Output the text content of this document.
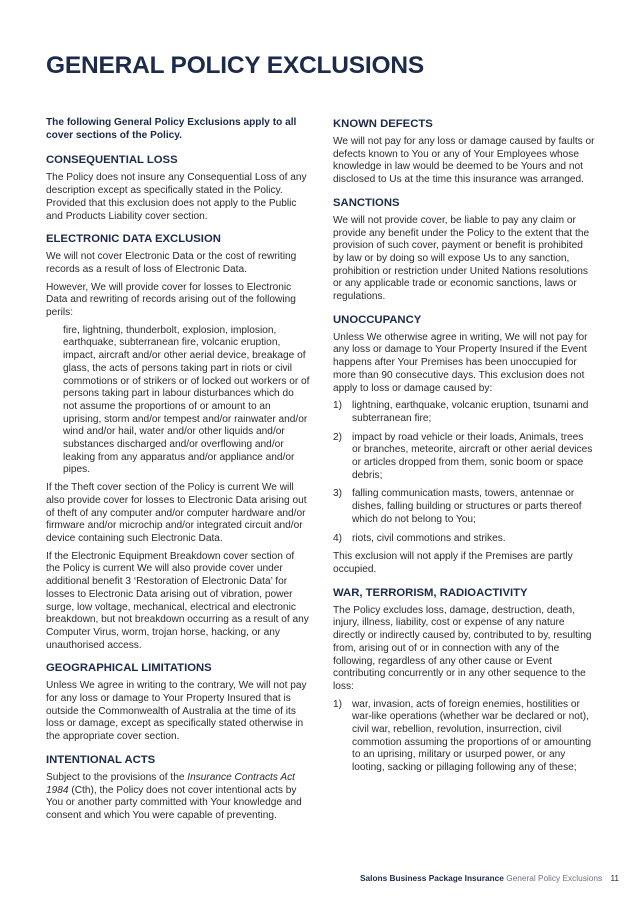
GENERAL POLICY EXCLUSIONS

The following General Policy Exclusions apply to all cover sections of the Policy.

CONSEQUENTIAL LOSS

The Policy does not insure any Consequential Loss of any description except as specifically stated in the Policy. Provided that this exclusion does not apply to the Public and Products Liability cover section.

ELECTRONIC DATA EXCLUSION

We will not cover Electronic Data or the cost of rewriting records as a result of loss of Electronic Data.

However, We will provide cover for losses to Electronic Data and rewriting of records arising out of the following perils:

fire, lightning, thunderbolt, explosion, implosion, earthquake, subterranean fire, volcanic eruption, impact, aircraft and/or other aerial device, breakage of glass, the acts of persons taking part in riots or civil commotions or of strikers or of locked out workers or of persons taking part in labour disturbances which do not assume the proportions of or amount to an uprising, storm and/or tempest and/or rainwater and/or wind and/or hail, water and/or other liquids and/or substances discharged and/or overflowing and/or leaking from any apparatus and/or appliance and/or pipes.

If the Theft cover section of the Policy is current We will also provide cover for losses to Electronic Data arising out of theft of any computer and/or computer hardware and/or firmware and/or microchip and/or integrated circuit and/or device containing such Electronic Data.

If the Electronic Equipment Breakdown cover section of the Policy is current We will also provide cover under additional benefit 3 ‘Restoration of Electronic Data’ for losses to Electronic Data arising out of vibration, power surge, low voltage, mechanical, electrical and electronic breakdown, but not breakdown occurring as a result of any Computer Virus, worm, trojan horse, hacking, or any unauthorised access.

GEOGRAPHICAL LIMITATIONS

Unless We agree in writing to the contrary, We will not pay for any loss or damage to Your Property Insured that is outside the Commonwealth of Australia at the time of its loss or damage, except as specifically stated otherwise in the appropriate cover section.

INTENTIONAL ACTS

Subject to the provisions of the Insurance Contracts Act 1984 (Cth), the Policy does not cover intentional acts by You or another party committed with Your knowledge and consent and which You were capable of preventing.

KNOWN DEFECTS

We will not pay for any loss or damage caused by faults or defects known to You or any of Your Employees whose knowledge in law would be deemed to be Yours and not disclosed to Us at the time this insurance was arranged.

SANCTIONS

We will not provide cover, be liable to pay any claim or provide any benefit under the Policy to the extent that the provision of such cover, payment or benefit is prohibited by law or by doing so will expose Us to any sanction, prohibition or restriction under United Nations resolutions or any applicable trade or economic sanctions, laws or regulations.

UNOCCUPANCY

Unless We otherwise agree in writing, We will not pay for any loss or damage to Your Property Insured if the Event happens after Your Premises has been unoccupied for more than 90 consecutive days. This exclusion does not apply to loss or damage caused by:

1) lightning, earthquake, volcanic eruption, tsunami and subterranean fire;
2) impact by road vehicle or their loads, Animals, trees or branches, meteorite, aircraft or other aerial devices or articles dropped from them, sonic boom or space debris;
3) falling communication masts, towers, antennae or dishes, falling building or structures or parts thereof which do not belong to You;
4) riots, civil commotions and strikes.

This exclusion will not apply if the Premises are partly occupied.

WAR, TERRORISM, RADIOACTIVITY

The Policy excludes loss, damage, destruction, death, injury, illness, liability, cost or expense of any nature directly or indirectly caused by, contributed to by, resulting from, arising out of or in connection with any of the following, regardless of any other cause or Event contributing concurrently or in any other sequence to the loss:

1) war, invasion, acts of foreign enemies, hostilities or war-like operations (whether war be declared or not), civil war, rebellion, revolution, insurrection, civil commotion assuming the proportions of or amounting to an uprising, military or usurped power, or any looting, sacking or pillaging following any of these;
Salons Business Package Insurance General Policy Exclusions 11
